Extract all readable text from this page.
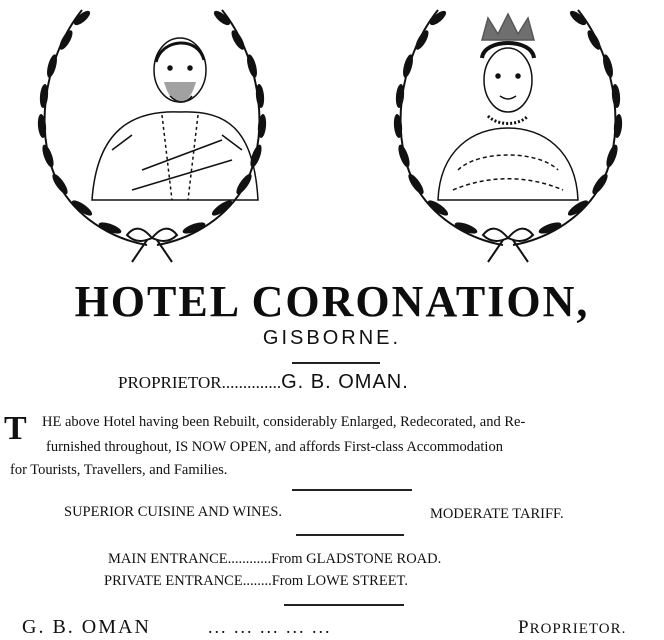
HOTEL CORONATION,
GISBORNE.
PROPRIETOR..............G. B. OMAN.
T HE above Hotel having been Rebuilt, considerably Enlarged, Redecorated, and Re-
furnished throughout, IS NOW OPEN, and affords First-class Accommodation
for Tourists, Travellers, and Families.
SUPERIOR CUISINE AND WINES.	MODERATE TARIFF.
MAIN ENTRANCE............From GLADSTONE ROAD.
PRIVATE ENTRANCE........From LOWE STREET.
G. B. OMAN	... ... ... ... ...	PROPRIETOR.
